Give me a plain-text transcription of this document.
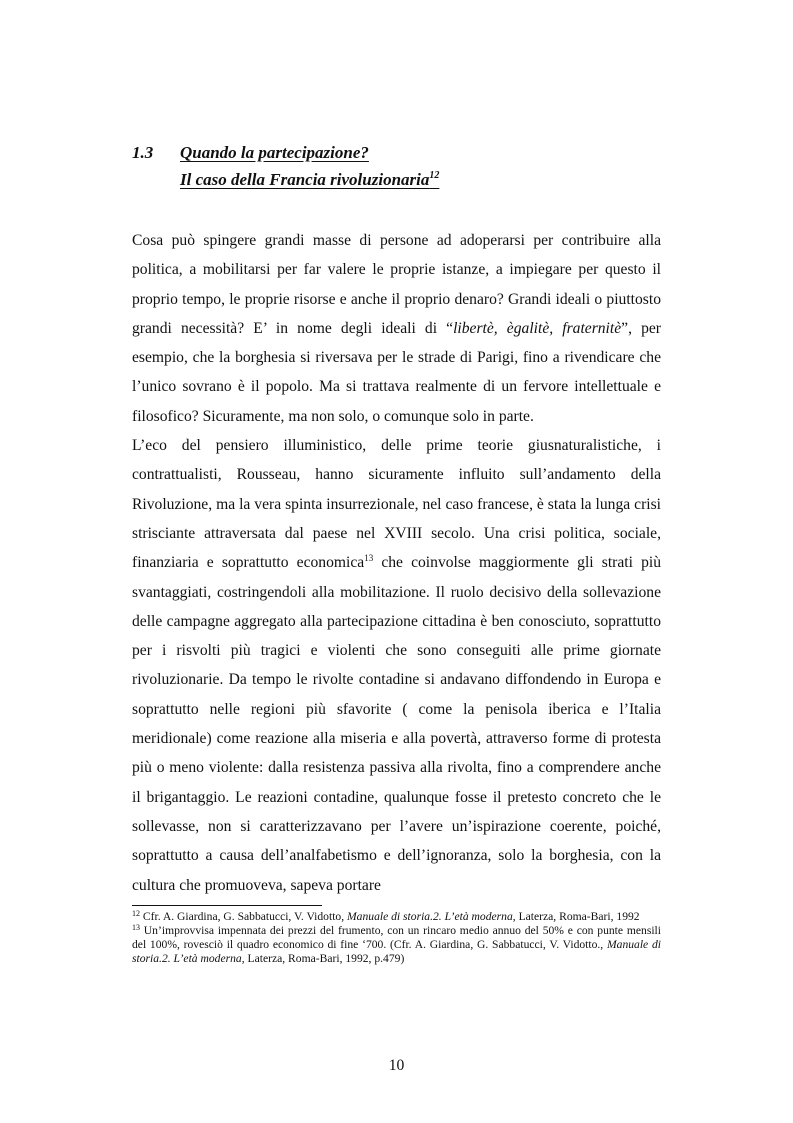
1.3 Quando la partecipazione?
Il caso della Francia rivoluzionaria$^{12}$

Cosa può spingere grandi masse di persone ad adoperarsi per contribuire alla politica, a mobilitarsi per far valere le proprie istanze, a impiegare per questo il proprio tempo, le proprie risorse e anche il proprio denaro? Grandi ideali o piuttosto grandi necessità? E’ in nome degli ideali di “libertè, ègalitè, fraternitè”, per esempio, che la borghesia si riversava per le strade di Parigi, fino a rivendicare che l’unico sovrano è il popolo. Ma si trattava realmente di un fervore intellettuale e filosofico? Sicuramente, ma non solo, o comunque solo in parte.

L’eco del pensiero illuministico, delle prime teorie giusnaturalistiche, i contrattualisti, Rousseau, hanno sicuramente influito sull’andamento della Rivoluzione, ma la vera spinta insurrezionale, nel caso francese, è stata la lunga crisi strisciante attraversata dal paese nel XVIII secolo. Una crisi politica, sociale, finanziaria e soprattutto economica$^{13}$ che coinvolse maggiormente gli strati più svantaggiati, costringendoli alla mobilitazione. Il ruolo decisivo della sollevazione delle campagne aggregato alla partecipazione cittadina è ben conosciuto, soprattutto per i risvolti più tragici e violenti che sono conseguiti alle prime giornate rivoluzionarie. Da tempo le rivolte contadine si andavano diffondendo in Europa e soprattutto nelle regioni più sfavorite ( come la penisola iberica e l’Italia meridionale) come reazione alla miseria e alla povertà, attraverso forme di protesta più o meno violente: dalla resistenza passiva alla rivolta, fino a comprendere anche il brigantaggio. Le reazioni contadine, qualunque fosse il pretesto concreto che le sollevasse, non si caratterizzavano per l’avere un’ispirazione coerente, poiché, soprattutto a causa dell’analfabetismo e dell’ignoranza, solo la borghesia, con la cultura che promuoveva, sapeva portare

$^{12}$ Cfr. A. Giardina, G. Sabbatucci, V. Vidotto, Manuale di storia.2. L’età moderna, Laterza, Roma-Bari, 1992

$^{13}$ Un’improvvisa impennata dei prezzi del frumento, con un rincaro medio annuo del 50% e con punte mensili del 100%, rovesciò il quadro economico di fine ‘700. (Cfr. A. Giardina, G. Sabbatucci, V. Vidotto., Manuale di storia.2. L’età moderna, Laterza, Roma-Bari, 1992, p.479)

10
